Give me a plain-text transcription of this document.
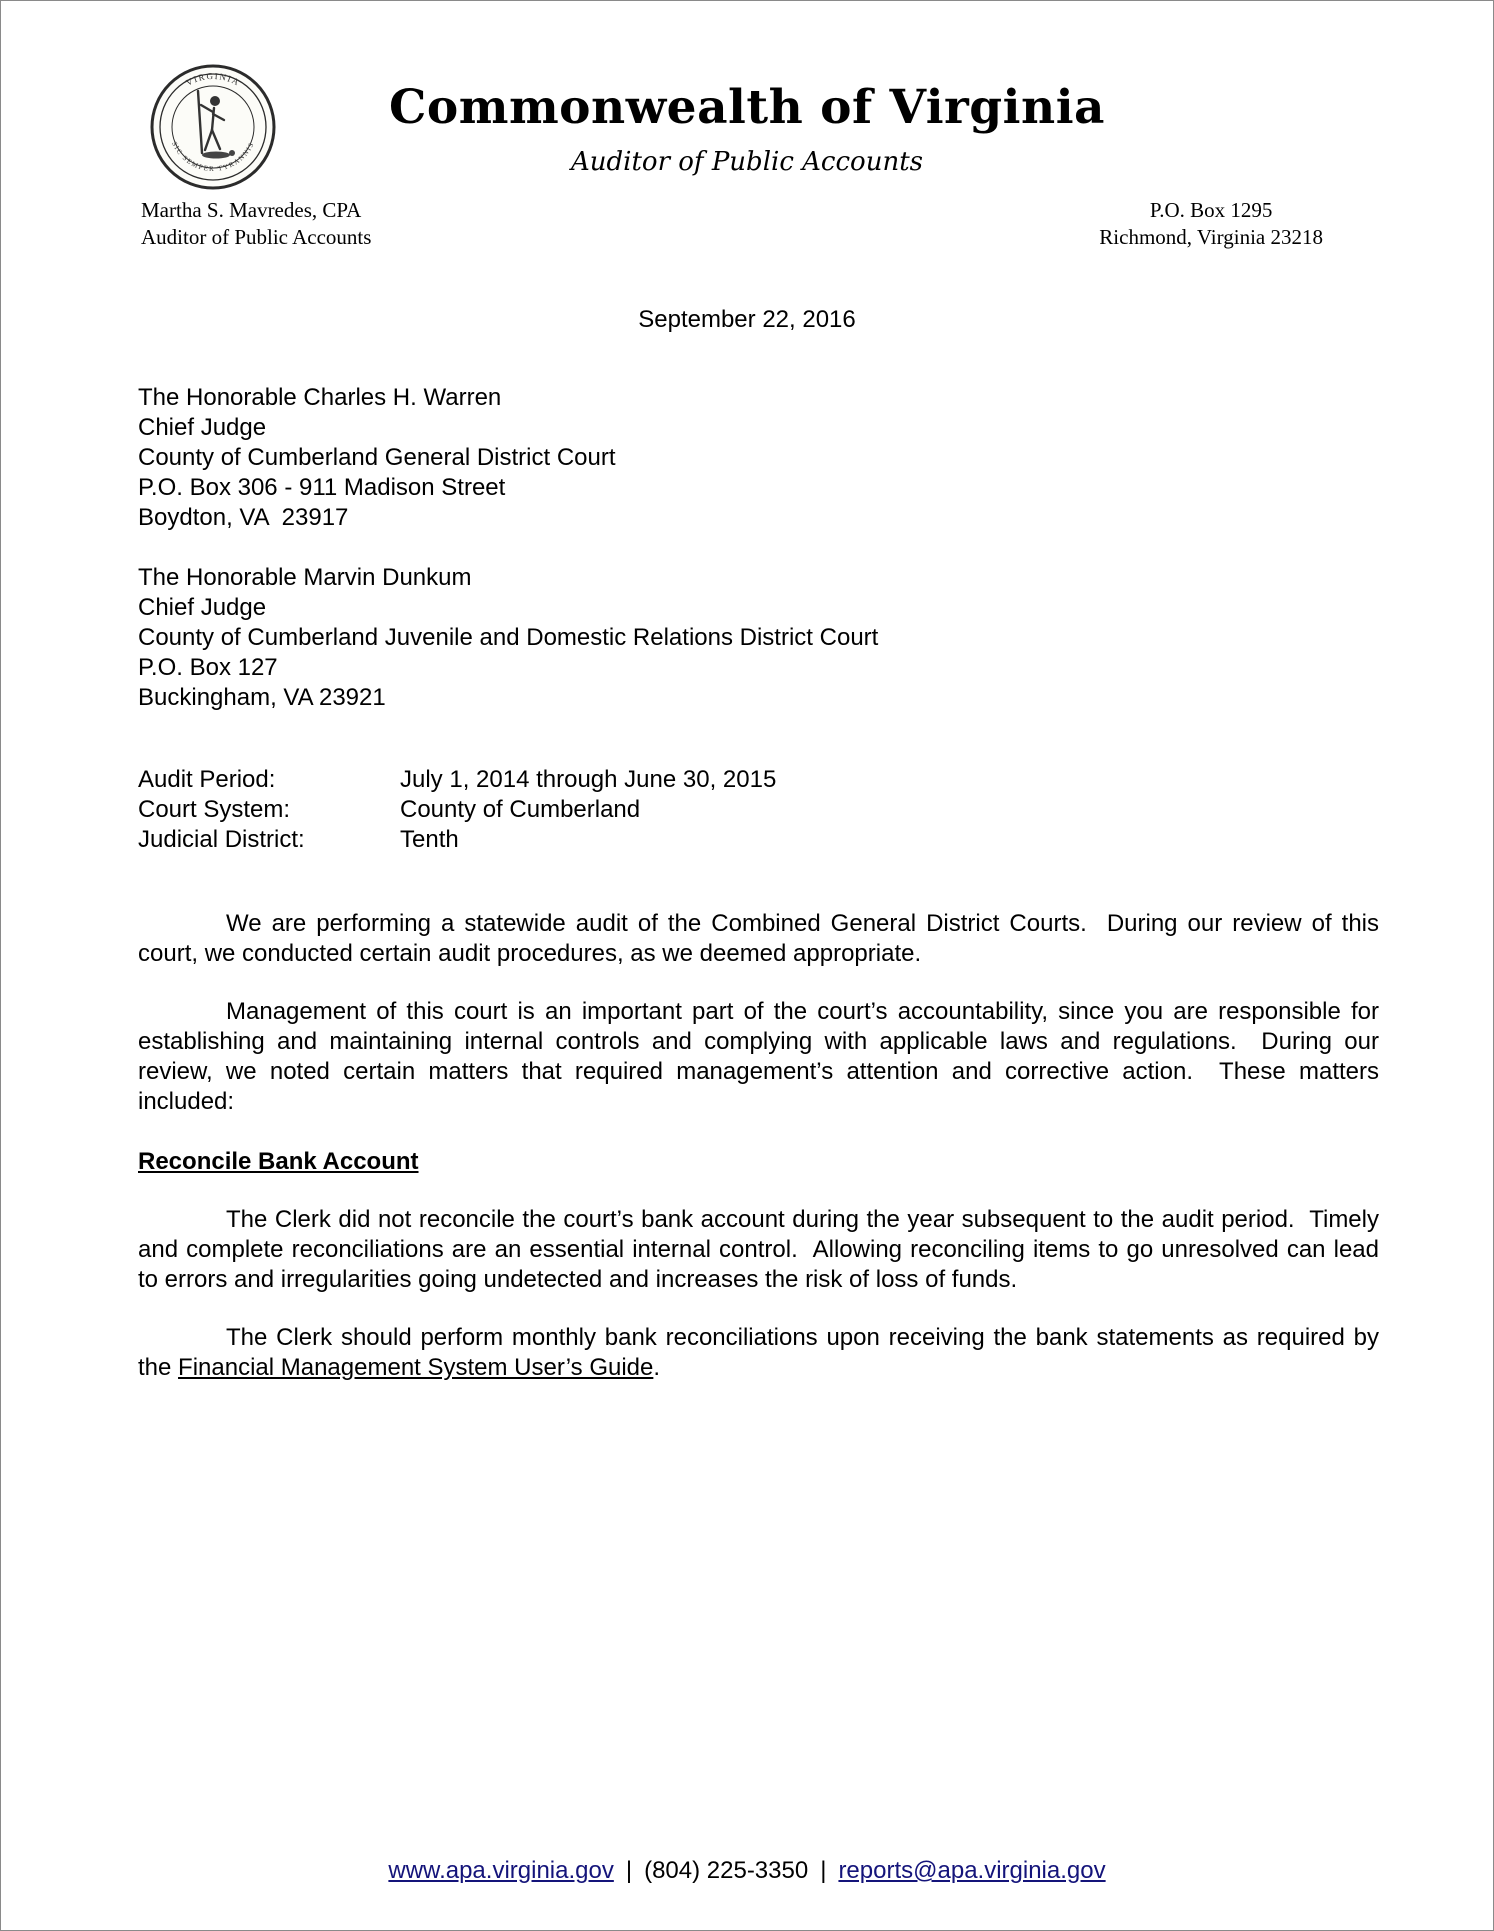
VIRGINIA
SIC SEMPER TYRANNIS
Commonwealth of Virginia
Auditor of Public Accounts
Martha S. Mavredes, CPA
Auditor of Public Accounts
P.O. Box 1295
Richmond, Virginia 23218
September 22, 2016
The Honorable Charles H. Warren
Chief Judge
County of Cumberland General District Court
P.O. Box 306 - 911 Madison Street
Boydton, VA  23917
The Honorable Marvin Dunkum
Chief Judge
County of Cumberland Juvenile and Domestic Relations District Court
P.O. Box 127
Buckingham, VA 23921
Audit Period:	July 1, 2014 through June 30, 2015
Court System:	County of Cumberland
Judicial District:	Tenth

We are performing a statewide audit of the Combined General District Courts.  During our review of this court, we conducted certain audit procedures, as we deemed appropriate.

Management of this court is an important part of the court’s accountability, since you are responsible for establishing and maintaining internal controls and complying with applicable laws and regulations.  During our review, we noted certain matters that required management’s attention and corrective action.  These matters included:

Reconcile Bank Account

The Clerk did not reconcile the court’s bank account during the year subsequent to the audit period.  Timely and complete reconciliations are an essential internal control.  Allowing reconciling items to go unresolved can lead to errors and irregularities going undetected and increases the risk of loss of funds.

The Clerk should perform monthly bank reconciliations upon receiving the bank statements as required by the Financial Management System User’s Guide.

www.apa.virginia.gov | (804) 225-3350 | reports@apa.virginia.gov
